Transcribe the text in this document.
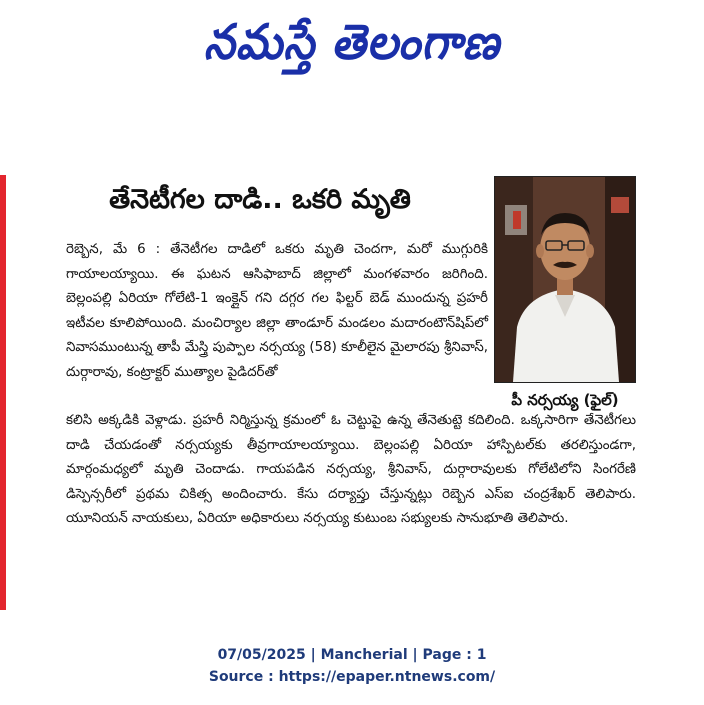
నమస్తే తెలంగాణ
తేనెటీగల దాడి.. ఒకరి మృతి
పీ నర్సయ్య (ఫైల్)

రెబ్బెన, మే 6 : తేనెటీగల దాడిలో ఒకరు మృతి చెందగా, మరో ముగ్గురికి గాయాలయ్యాయి. ఈ ఘటన ఆసిఫాబాద్ జిల్లాలో మంగళవారం జరిగింది. బెల్లంపల్లి ఏరియా గోలేటి-1 ఇంక్లైన్ గని దగ్గర గల ఫిల్టర్ బెడ్ ముందున్న ప్రహరీ ఇటీవల కూలిపోయింది. మంచిర్యాల జిల్లా తాండూర్ మండలం మదారంటౌన్‌షిప్‌లో నివాసముంటున్న తాపీ మేస్త్రి పుప్పాల నర్సయ్య (58) కూలీలైన మైలారపు శ్రీనివాస్, దుర్గారావు, కంట్రాక్టర్ ముత్యాల పైడిదర్‌తో

కలిసి అక్కడికి వెళ్లాడు. ప్రహరీ నిర్మిస్తున్న క్రమంలో ఓ చెట్టుపై ఉన్న తేనెతుట్టె కదిలింది. ఒక్కసారిగా తేనెటీగలు దాడి చేయడంతో నర్సయ్యకు తీవ్రగాయాలయ్యాయి. బెల్లంపల్లి ఏరియా హాస్పిటల్‌కు తరలిస్తుండగా, మార్గంమధ్యలో మృతి చెందాడు. గాయపడిన నర్సయ్య, శ్రీనివాస్, దుర్గారావులకు గోలేటిలోని సింగరేణి డిస్పెన్సరీలో ప్రథమ చికిత్స అందించారు. కేసు దర్యాప్తు చేస్తున్నట్లు రెబ్బెన ఎస్ఐ చంద్రశేఖర్ తెలిపారు. యూనియన్ నాయకులు, ఏరియా అధికారులు నర్సయ్య కుటుంబ సభ్యులకు సానుభూతి తెలిపారు.

07/05/2025 | Mancherial | Page : 1
Source : https://epaper.ntnews.com/
